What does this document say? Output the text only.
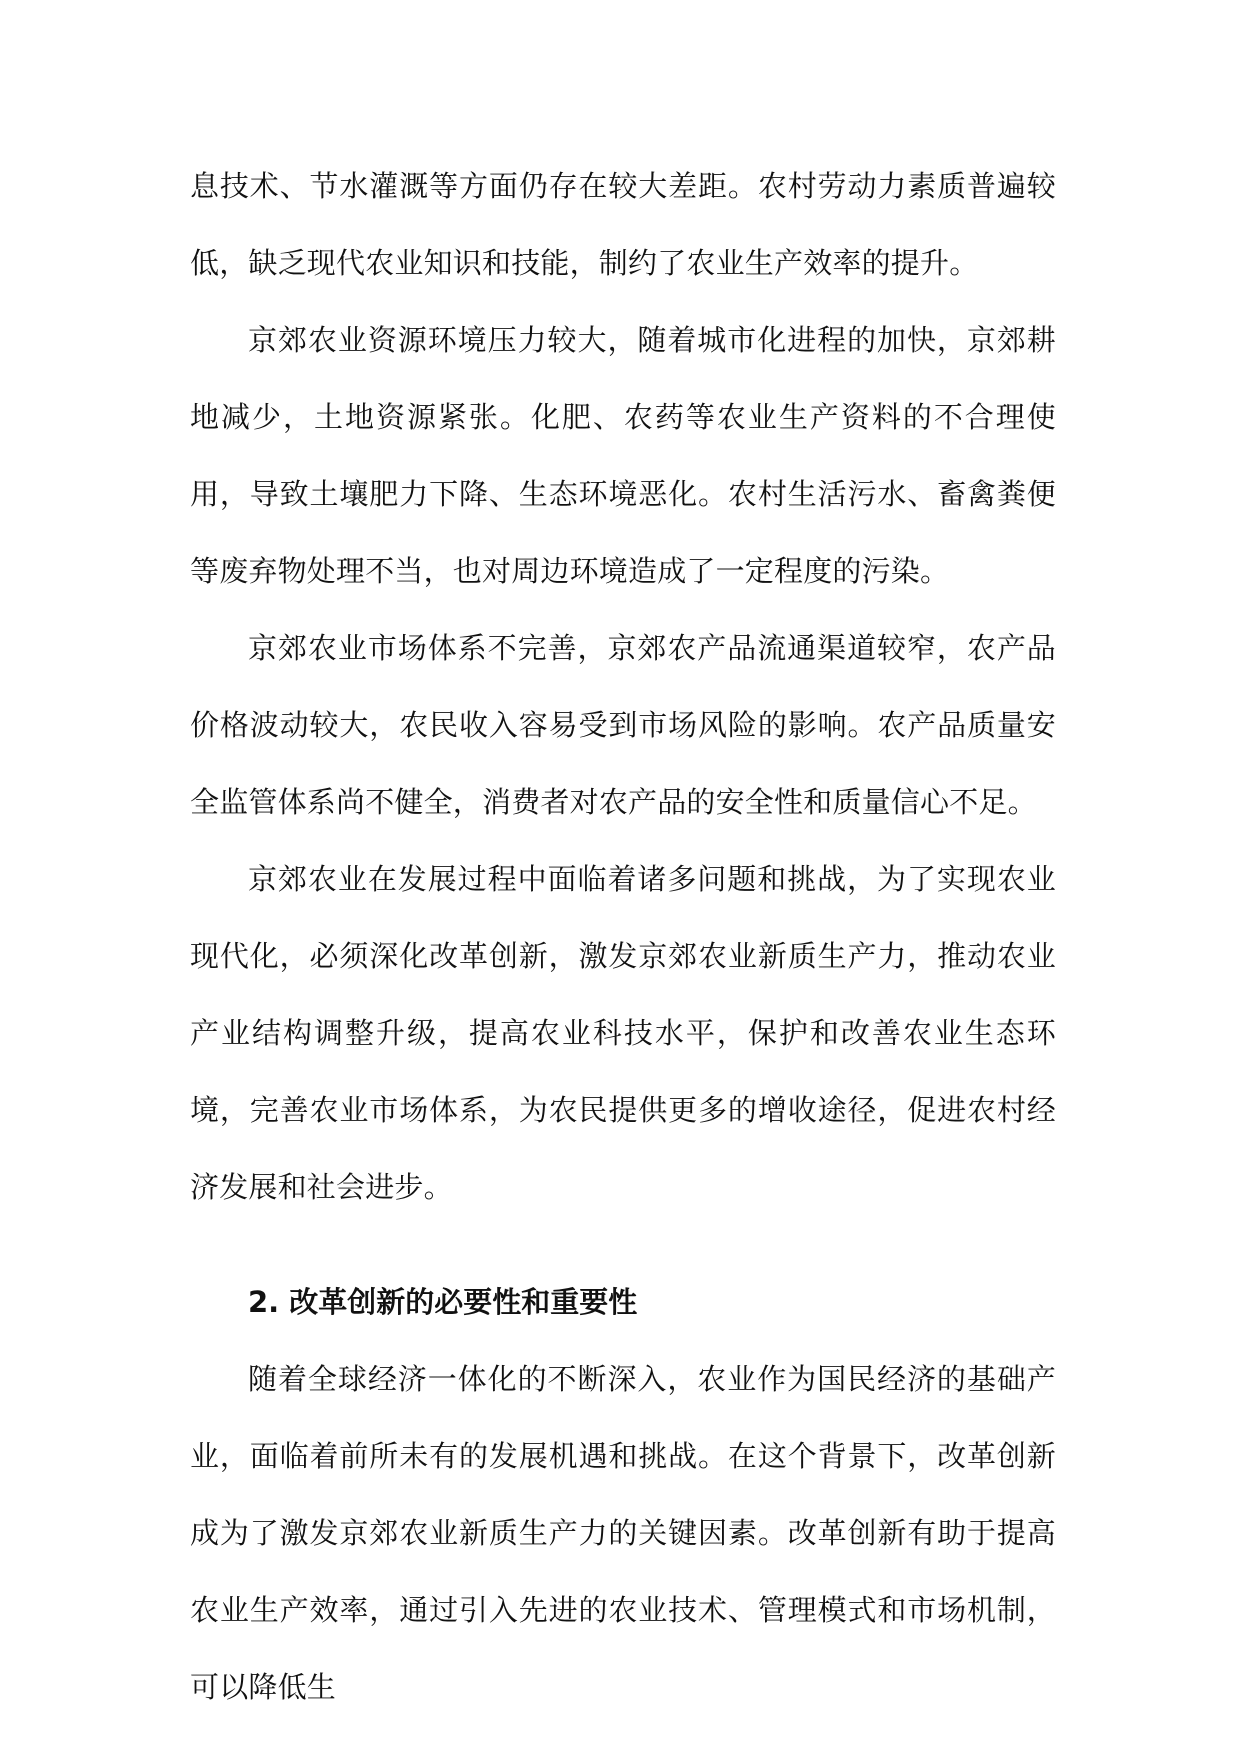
息技术、节水灌溉等方面仍存在较大差距。农村劳动力素质普遍较低，缺乏现代农业知识和技能，制约了农业生产效率的提升。

京郊农业资源环境压力较大，随着城市化进程的加快，京郊耕地减少，土地资源紧张。化肥、农药等农业生产资料的不合理使用，导致土壤肥力下降、生态环境恶化。农村生活污水、畜禽粪便等废弃物处理不当，也对周边环境造成了一定程度的污染。

京郊农业市场体系不完善，京郊农产品流通渠道较窄，农产品价格波动较大，农民收入容易受到市场风险的影响。农产品质量安全监管体系尚不健全，消费者对农产品的安全性和质量信心不足。

京郊农业在发展过程中面临着诸多问题和挑战，为了实现农业现代化，必须深化改革创新，激发京郊农业新质生产力，推动农业产业结构调整升级，提高农业科技水平，保护和改善农业生态环境，完善农业市场体系，为农民提供更多的增收途径，促进农村经济发展和社会进步。

2. 改革创新的必要性和重要性

随着全球经济一体化的不断深入，农业作为国民经济的基础产业，面临着前所未有的发展机遇和挑战。在这个背景下，改革创新成为了激发京郊农业新质生产力的关键因素。改革创新有助于提高农业生产效率，通过引入先进的农业技术、管理模式和市场机制，可以降低生
